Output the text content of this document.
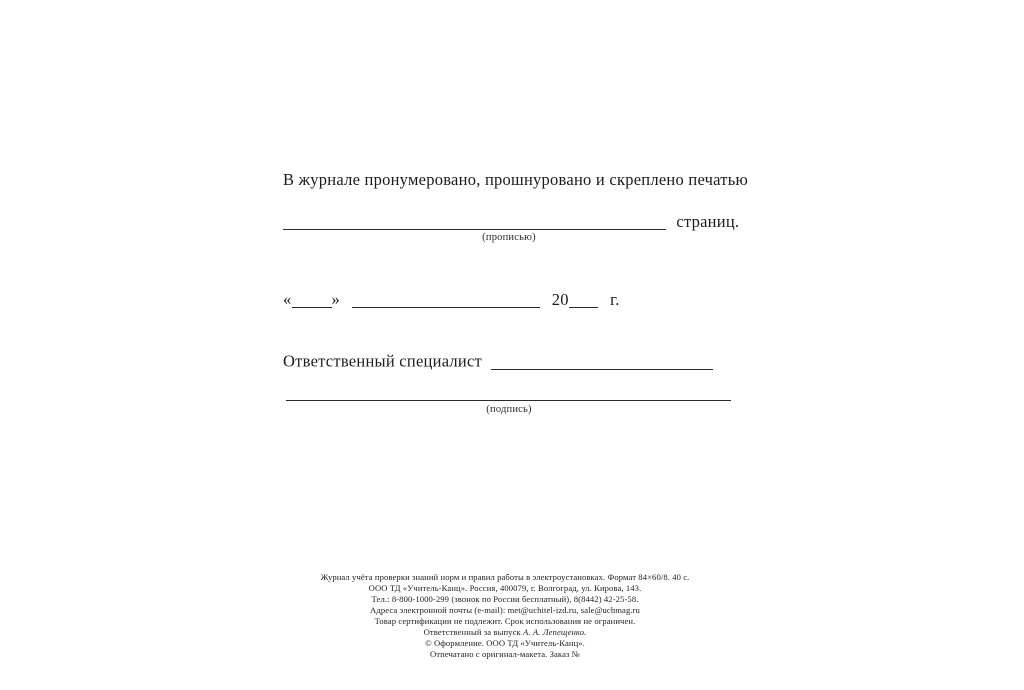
В журнале пронумеровано, прошнуровано и скреплено печатью
страниц.
(прописью)
« »	20	г.
Ответственный специалист
(подпись)
Журнал учёта проверки знаний норм и правил работы в электроустановках. Формат 84×60/8. 40 с.
ООО ТД «Учитель-Канц». Россия, 400079, г. Волгоград, ул. Кирова, 143.
Тел.: 8-800-1000-299 (звонок по России бесплатный), 8(8442) 42-25-58.
Адреса электронной почты (e-mail): met@uchitel-izd.ru, sale@uchmag.ru
Товар сертификации не подлежит. Срок использования не ограничен.
Ответственный за выпуск А. А. Лепещенко.
© Оформление. ООО ТД «Учитель-Канц».
Отпечатано с оригинал-макета. Заказ №
